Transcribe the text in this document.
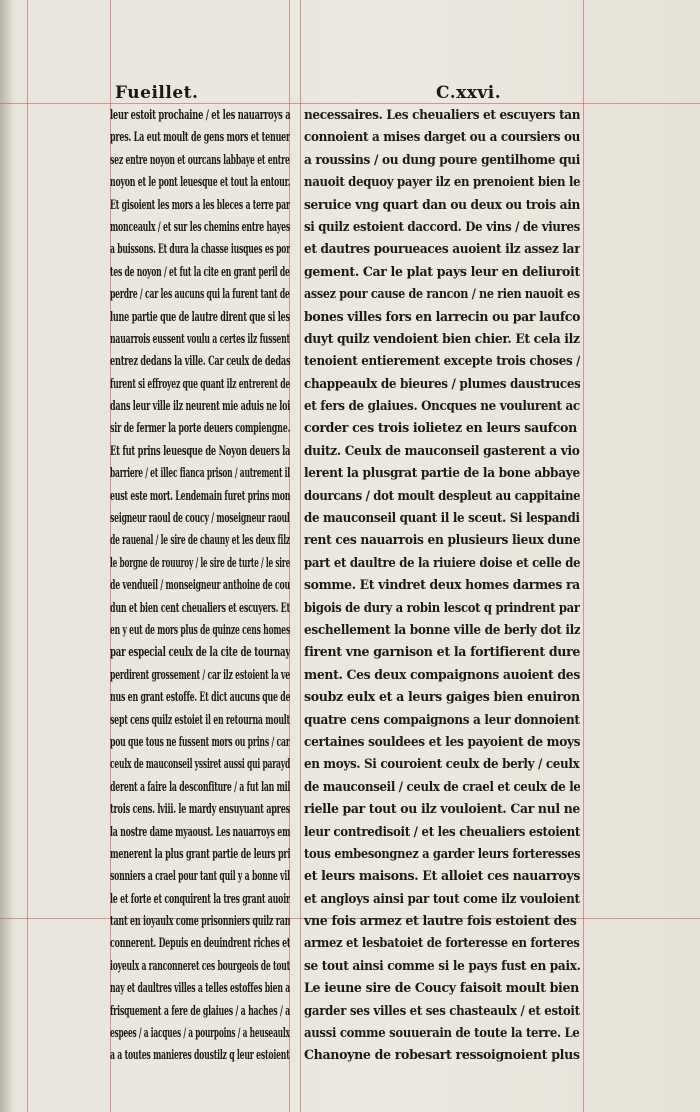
Fueillet.	C.xxvi.
leur estoit prochaine / et les nauarroys a
pres. La eut moult de gens mors et tenuer
sez entre noyon et ourcans labbaye et entre
noyon et le pont leuesque et tout la entour.
Et gisoient les mors a les bleces a terre par
monceaulx / et sur les chemins entre hayes
a buissons. Et dura la chasse iusques es por
tes de noyon / et fut la cite en grant peril de
perdre / car les aucuns qui la furent tant de
lune partie que de lautre dirent que si les
nauarrois eussent voulu a certes ilz fussent
entrez dedans la ville. Car ceulx de dedas
furent si effroyez que quant ilz entrerent de
dans leur ville ilz neurent mie aduis ne loi
sir de fermer la porte deuers compiengne.
Et fut prins leuesque de Noyon deuers la
barriere / et illec fianca prison / autrement il
eust este mort. Lendemain furet prins mon
seigneur raoul de coucy / moseigneur raoul
de rauenal / le sire de chauny et les deux filz
le borgne de rouuroy / le sire de turte / le sire
de vendueil / monseigneur anthoine de cou
dun et bien cent cheualiers et escuyers. Et
en y eut de mors plus de quinze cens homes
par especial ceulx de la cite de tournay
perdirent grossement / car ilz estoient la ve
nus en grant estoffe. Et dict aucuns que de
sept cens quilz estoiet il en retourna moult
pou que tous ne fussent mors ou prins / car
ceulx de mauconseil yssiret aussi qui parayd
derent a faire la desconfiture / a fut lan mil
trois cens. lviii. le mardy ensuyuant apres
la nostre dame myaoust. Les nauarroys em
menerent la plus grant partie de leurs pri
sonniers a crael pour tant quil y a bonne vil
le et forte et conquirent la tres grant auoir
tant en ioyaulx come prisonniers quilz ran
connerent. Depuis en deuindrent riches et
ioyeulx a ranconneret ces bourgeois de tout
nay et daultres villes a telles estoffes bien a
frisquement a fere de glaiues / a haches / a
espees / a iacques / a pourpoins / a heuseaulx
a a toutes manieres doustilz q leur estoient
necessaires. Les cheualiers et escuyers tan
connoient a mises darget ou a coursiers ou
a roussins / ou dung poure gentilhome qui
nauoit dequoy payer ilz en prenoient bien le
seruice vng quart dan ou deux ou trois ain
si quilz estoient daccord. De vins / de viures
et dautres pourueaces auoient ilz assez lar
gement. Car le plat pays leur en deliuroit
assez pour cause de rancon / ne rien nauoit es
bones villes fors en larrecin ou par laufco
duyt quilz vendoient bien chier. Et cela ilz
tenoient entierement excepte trois choses /
chappeaulx de bieures / plumes daustruces
et fers de glaiues. Oncques ne voulurent ac
corder ces trois iolietez en leurs saufcon
duitz. Ceulx de mauconseil gasterent a vio
lerent la plusgrat partie de la bone abbaye
dourcans / dot moult despleut au cappitaine
de mauconseil quant il le sceut. Si lespandi
rent ces nauarrois en plusieurs lieux dune
part et daultre de la riuiere doise et celle de
somme. Et vindret deux homes darmes ra
bigois de dury a robin lescot q prindrent par
eschellement la bonne ville de berly dot ilz
firent vne garnison et la fortifierent dure
ment. Ces deux compaignons auoient des
soubz eulx et a leurs gaiges bien enuiron
quatre cens compaignons a leur donnoient
certaines souldees et les payoient de moys
en moys. Si couroient ceulx de berly / ceulx
de mauconseil / ceulx de crael et ceulx de le
rielle par tout ou ilz vouloient. Car nul ne
leur contredisoit / et les cheualiers estoient
tous embesongnez a garder leurs forteresses
et leurs maisons. Et alloiet ces nauarroys
et angloys ainsi par tout come ilz vouloient
vne fois armez et lautre fois estoient des
armez et lesbatoiet de forteresse en forteres
se tout ainsi comme si le pays fust en paix.
Le ieune sire de Coucy faisoit moult bien
garder ses villes et ses chasteaulx / et estoit
aussi comme souuerain de toute la terre. Le
Chanoyne de robesart ressoignoient plus
